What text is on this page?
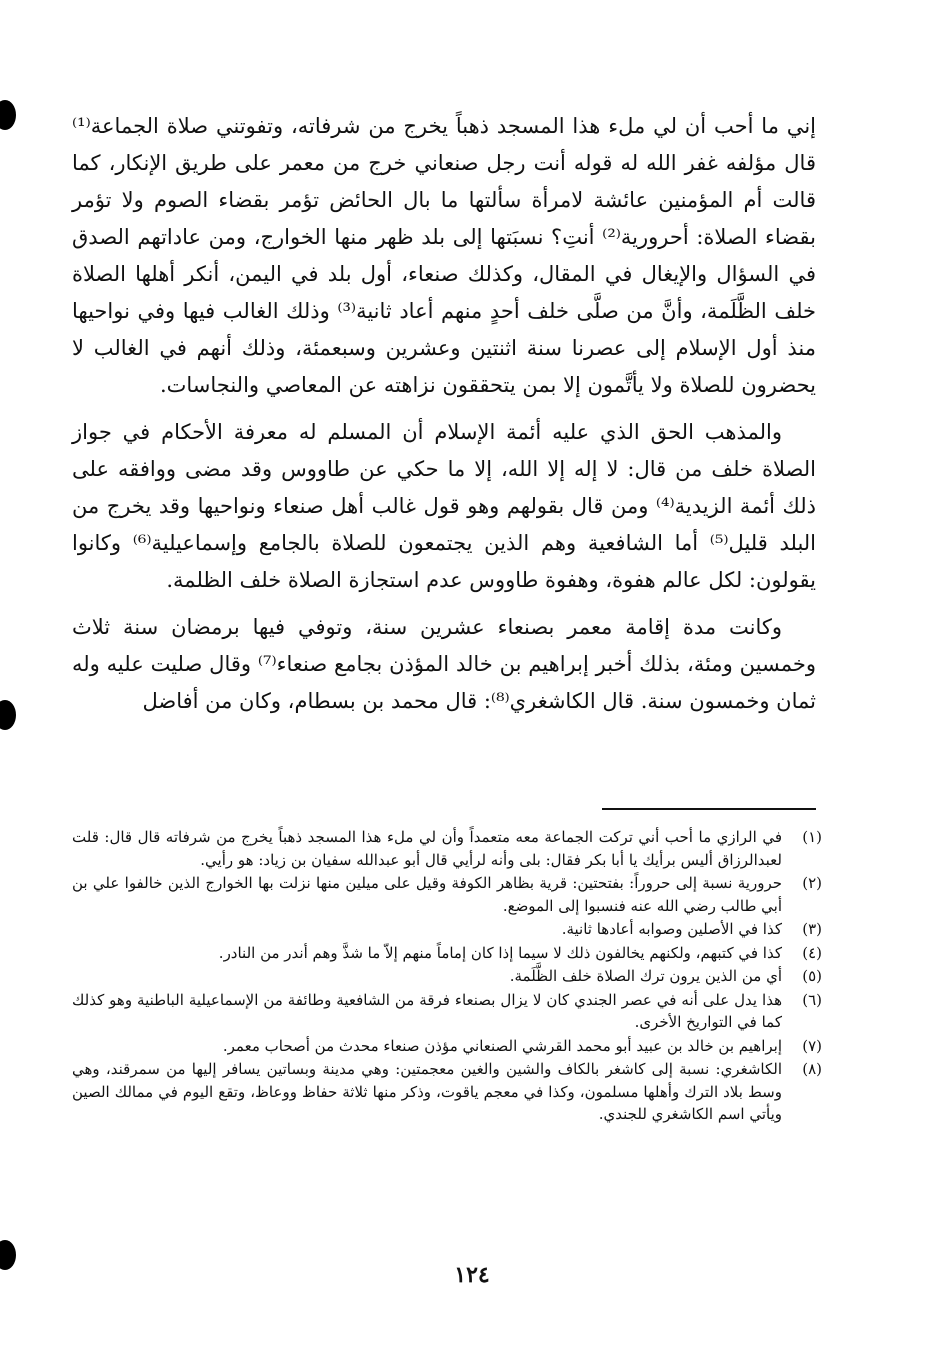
إني ما أحب أن لي ملء هذا المسجد ذهباً يخرج من شرفاته، وتفوتني صلاة الجماعة⁽¹⁾ قال مؤلفه غفر الله له قوله أنت رجل صنعاني خرج من معمر على طريق الإنكار، كما قالت أم المؤمنين عائشة لامرأة سألتها ما بال الحائض تؤمر بقضاء الصوم ولا تؤمر بقضاء الصلاة: أحرورية⁽²⁾ أنتِ؟ نسبَتها إلى بلد ظهر منها الخوارج، ومن عاداتهم الصدق في السؤال والإيغال في المقال، وكذلك صنعاء، أول بلد في اليمن، أنكر أهلها الصلاة خلف الظَّلَمة، وأنَّ من صلَّى خلف أحدٍ منهم أعاد ثانية⁽³⁾ وذلك الغالب فيها وفي نواحيها منذ أول الإسلام إلى عصرنا سنة اثنتين وعشرين وسبعمئة، وذلك أنهم في الغالب لا يحضرون للصلاة ولا يأتَّمون إلا بمن يتحققون نزاهته عن المعاصي والنجاسات.

والمذهب الحق الذي عليه أئمة الإسلام أن المسلم له معرفة الأحكام في جواز الصلاة خلف من قال: لا إله إلا الله، إلا ما حكي عن طاووس وقد مضى ووافقه على ذلك أئمة الزيدية⁽⁴⁾ ومن قال بقولهم وهو قول غالب أهل صنعاء ونواحيها وقد يخرج من البلد قليل⁽⁵⁾ أما الشافعية وهم الذين يجتمعون للصلاة بالجامع وإسماعيلية⁽⁶⁾ وكانوا يقولون: لكل عالم هفوة، وهفوة طاووس عدم استجازة الصلاة خلف الظلمة.

وكانت مدة إقامة معمر بصنعاء عشرين سنة، وتوفي فيها برمضان سنة ثلاث وخمسين ومئة، بذلك أخبر إبراهيم بن خالد المؤذن بجامع صنعاء⁽⁷⁾ وقال صليت عليه وله ثمان وخمسون سنة. قال الكاشغري⁽⁸⁾: قال محمد بن بسطام، وكان من أفاضل

(١)
في الرازي ما أحب أني تركت الجماعة معه متعمداً وأن لي ملء هذا المسجد ذهباً يخرج من شرفاته قال قال: قلت لعبدالرزاق أليس برأيك يا أبا بكر فقال: بلى وأنه لرأيي قال أبو عبدالله سفيان بن زياد: هو رأيي.
(٢)
حرورية نسبة إلى حروراً: بفتحتين: قرية بظاهر الكوفة وقيل على ميلين منها نزلت بها الخوارج الذين خالفوا علي بن أبي طالب رضي الله عنه فنسبوا إلى الموضع.
(٣)
كذا في الأصلين وصوابه أعادها ثانية.
(٤)
كذا في كتبهم، ولكنهم يخالفون ذلك لا سيما إذا كان إماماً منهم إلاّ ما شذَّ وهم أندر من النادر.
(٥)
أي من الذين يرون ترك الصلاة خلف الظَّلَمة.
(٦)
هذا يدل على أنه في عصر الجندي كان لا يزال بصنعاء فرقة من الشافعية وطائفة من الإسماعيلية الباطنية وهو كذلك كما في التواريخ الأخرى.
(٧)
إبراهيم بن خالد بن عبيد أبو محمد القرشي الصنعاني مؤذن صنعاء محدث من أصحاب معمر.
(٨)
الكاشغري: نسبة إلى كاشغر بالكاف والشين والغين معجمتين: وهي مدينة وبساتين يسافر إليها من سمرقند، وهي وسط بلاد الترك وأهلها مسلمون، وكذا في معجم ياقوت، وذكر منها ثلاثة حفاظ ووعاظ، وتقع اليوم في ممالك الصين ويأتي اسم الكاشغري للجندي.
١٢٤
